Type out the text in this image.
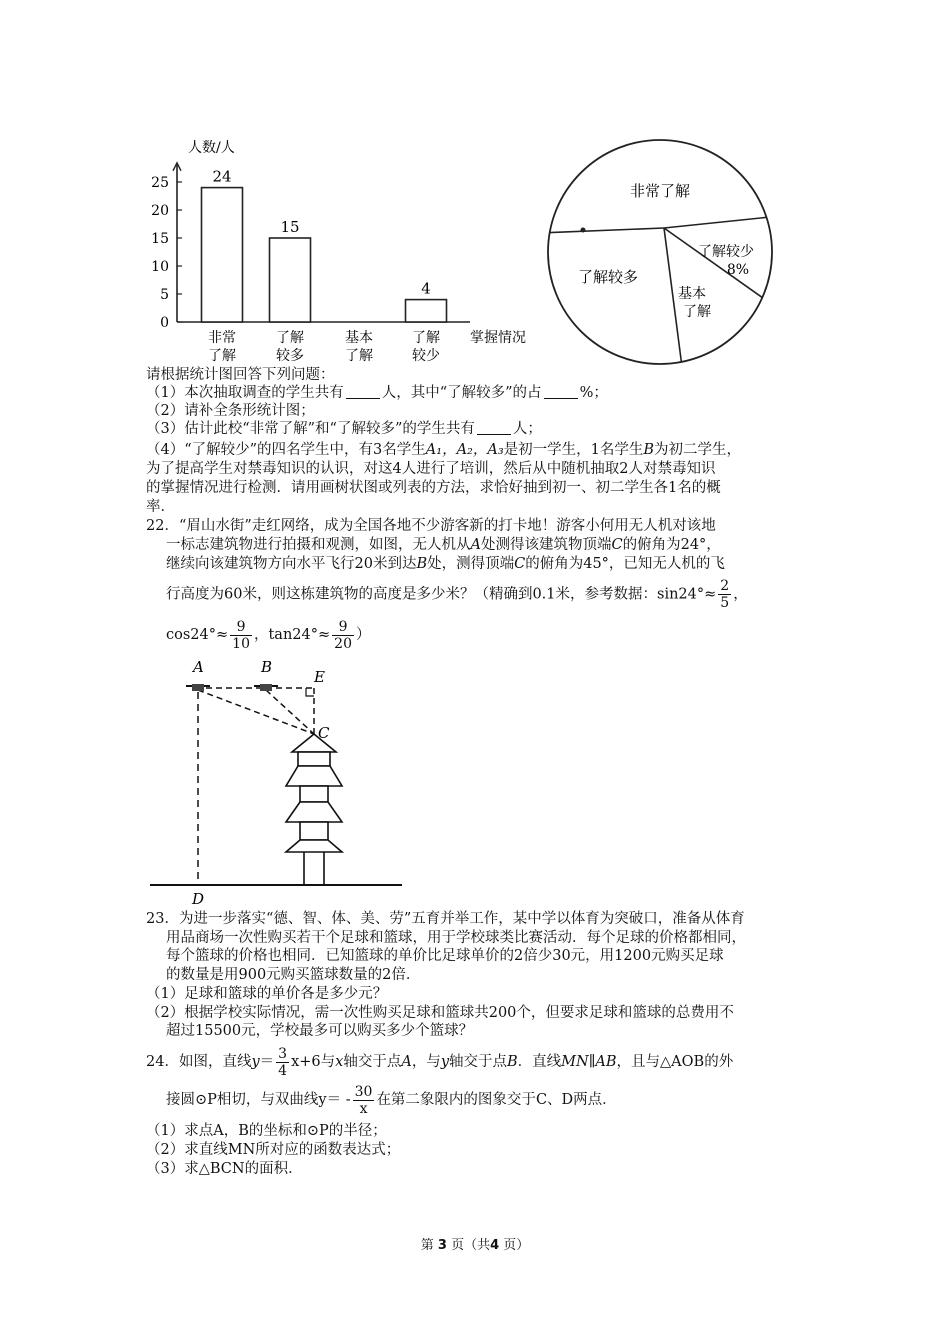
人数/人
掌握情况
0
5
10
15
20
25	24
非常
了解
15
了解
较多
基本
了解
4
了解
较少
非常了解
了解较少
8%
基本
了解
了解较多
请根据统计图回答下列问题：
（1）本次抽取调查的学生共有	人，其中“了解较多”的占	%；
（2）请补全条形统计图；
（3）估计此校“非常了解”和“了解较多”的学生共有	人；
（4）“了解较少”的四名学生中，有3名学生A₁，A₂，A₃是初一学生，1名学生B为初二学生，
为了提高学生对禁毒知识的认识，对这4人进行了培训，然后从中随机抽取2人对禁毒知识
的掌握情况进行检测．请用画树状图或列表的方法，求恰好抽到初一、初二学生各1名的概
率．
22．“眉山水街”走红网络，成为全国各地不少游客新的打卡地！游客小何用无人机对该地
一标志建筑物进行拍摄和观测，如图，无人机从A处测得该建筑物顶端C的俯角为24°，
继续向该建筑物方向水平飞行20米到达B处，测得顶端C的俯角为45°，已知无人机的飞
行高度为60米，则这栋建筑物的高度是多少米？（精确到0.1米，参考数据：$\sin 24^\circ\approx \frac{2}{5}$ ，
$\cos 24^\circ\approx \frac{9}{10}$ ，$\tan 24^\circ\approx \frac{9}{20}$ ）
A	B
E
C
D
23．为进一步落实“德、智、体、美、劳”五育并举工作，某中学以体育为突破口，准备从体育
用品商场一次性购买若干个足球和篮球，用于学校球类比赛活动．每个足球的价格都相同，
每个篮球的价格也相同．已知篮球的单价比足球单价的2倍少30元，用1200元购买足球
的数量是用900元购买篮球数量的2倍．
（1）足球和篮球的单价各是多少元？
（2）根据学校实际情况，需一次性购买足球和篮球共200个，但要求足球和篮球的总费用不
超过15500元，学校最多可以购买多少个篮球？
24．如图，直线$y= \frac{3}{4} x+6$与x轴交于点A，与y轴交于点B．直线MN∥AB，且与△AOB的外
接圆⊙P相切，与双曲线$y= - \frac{30}{x}$ 在第二象限内的图象交于C、D两点．
（1）求点A，B的坐标和⊙P的半径；
（2）求直线MN所对应的函数表达式；
（3）求△BCN的面积．
第 3 页（共4 页）
